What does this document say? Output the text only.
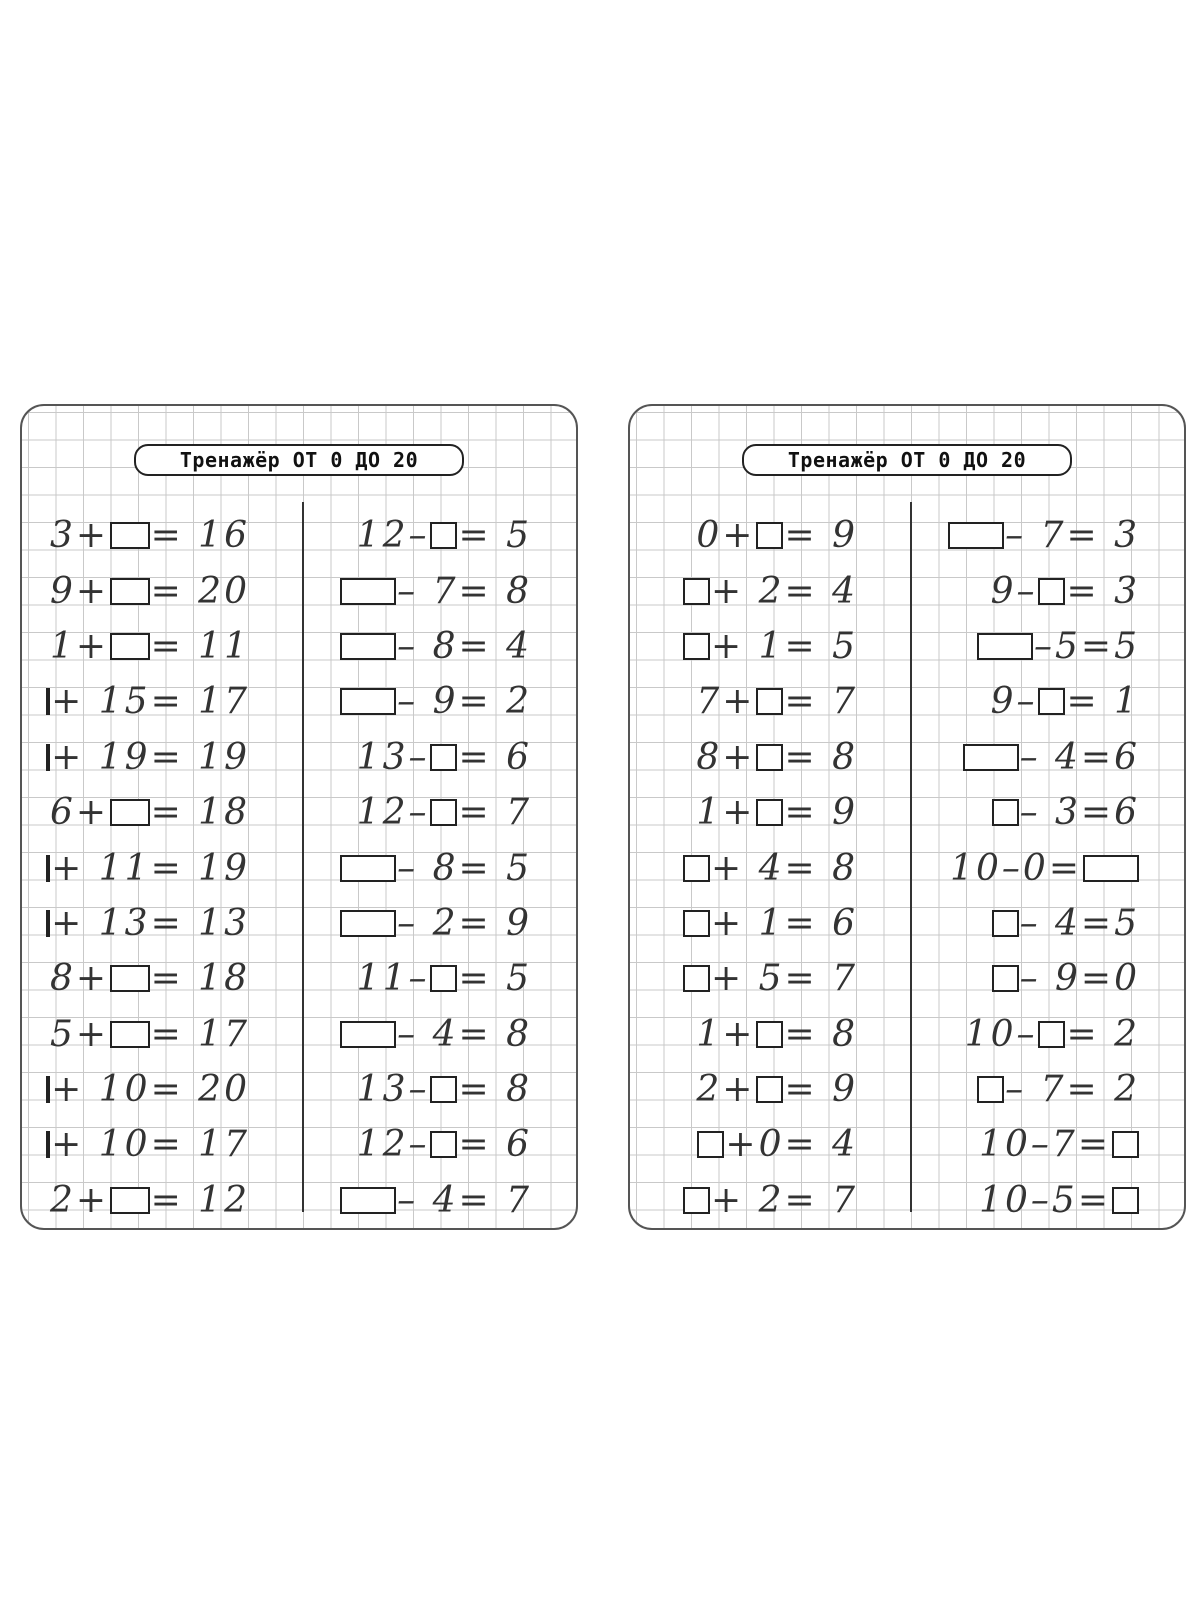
Тренажёр ОТ 0 ДО 20
3+ = 16
9+ = 20
1+ = 11
+ 15= 17
+ 19= 19
6+ = 18
+ 11= 19
+ 13= 13
8+ = 18
5+ = 17
+ 10= 20
+ 10= 17
2+ = 12
12– = 5
– 7= 8
– 8= 4
– 9= 2
13– = 6
12– = 7
– 8= 5
– 2= 9
11– = 5
– 4= 8
13– = 8
12– = 6
– 4= 7
Тренажёр ОТ 0 ДО 20
0+ = 9
+ 2= 4
+ 1= 5
7+ = 7
8+ = 8
1+ = 9
+ 4= 8
+ 1= 6
+ 5= 7
1+ = 8
2+ = 9
+0= 4
+ 2= 7
– 7= 3
9– = 3
–5=5
9– = 1
– 4=6
– 3=6
10–0=
– 4=5
– 9=0
10– = 2
– 7= 2
10–7=
10–5=
